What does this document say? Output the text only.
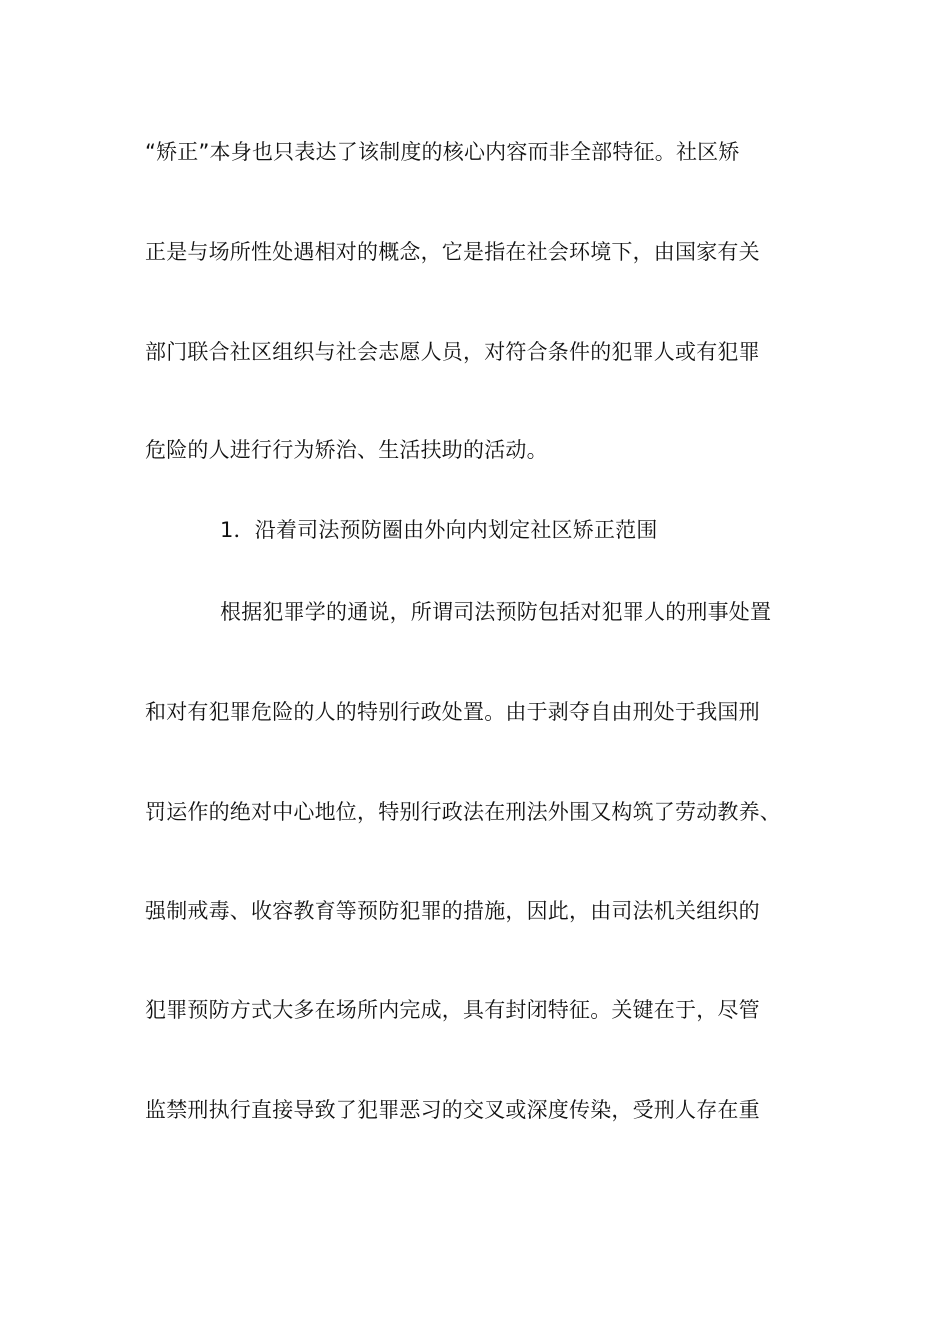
“矫正”本身也只表达了该制度的核心内容而非全部特征。社区矫
正是与场所性处遇相对的概念，它是指在社会环境下，由国家有关
部门联合社区组织与社会志愿人员，对符合条件的犯罪人或有犯罪
危险的人进行行为矫治、生活扶助的活动。
1．沿着司法预防圈由外向内划定社区矫正范围
根据犯罪学的通说，所谓司法预防包括对犯罪人的刑事处置
和对有犯罪危险的人的特别行政处置。由于剥夺自由刑处于我国刑
罚运作的绝对中心地位，特别行政法在刑法外围又构筑了劳动教养、
强制戒毒、收容教育等预防犯罪的措施，因此，由司法机关组织的
犯罪预防方式大多在场所内完成，具有封闭特征。关键在于，尽管
监禁刑执行直接导致了犯罪恶习的交叉或深度传染，受刑人存在重
